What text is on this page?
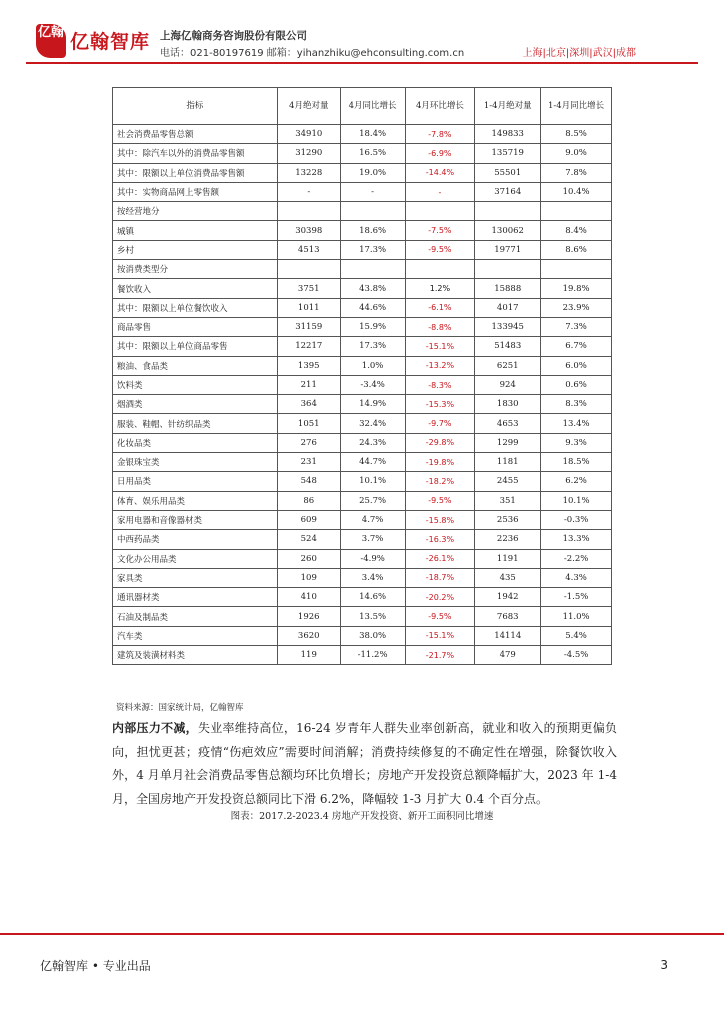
亿翰 亿翰智库 上海亿翰商务咨询股份有限公司
电话：021-80197619 邮箱：yihanzhiku@ehconsulting.com.cn	上海|北京|深圳|武汉|成都
指标	4月绝对量	4月同比增长	4月环比增长	1-4月绝对量	1-4月同比增长
社会消费品零售总额	34910	18.4%	-7.8%	149833	8.5%
其中：除汽车以外的消费品零售额	31290	16.5%	-6.9%	135719	9.0%
其中：限额以上单位消费品零售额	13228	19.0%	-14.4%	55501	7.8%
其中：实物商品网上零售额	-	-	-	37164	10.4%
按经营地分					
城镇	30398	18.6%	-7.5%	130062	8.4%
乡村	4513	17.3%	-9.5%	19771	8.6%
按消费类型分					
餐饮收入	3751	43.8%	1.2%	15888	19.8%
其中：限额以上单位餐饮收入	1011	44.6%	-6.1%	4017	23.9%
商品零售	31159	15.9%	-8.8%	133945	7.3%
其中：限额以上单位商品零售	12217	17.3%	-15.1%	51483	6.7%
粮油、食品类	1395	1.0%	-13.2%	6251	6.0%
饮料类	211	-3.4%	-8.3%	924	0.6%
烟酒类	364	14.9%	-15.3%	1830	8.3%
服装、鞋帽、针纺织品类	1051	32.4%	-9.7%	4653	13.4%
化妆品类	276	24.3%	-29.8%	1299	9.3%
金银珠宝类	231	44.7%	-19.8%	1181	18.5%
日用品类	548	10.1%	-18.2%	2455	6.2%
体育、娱乐用品类	86	25.7%	-9.5%	351	10.1%
家用电器和音像器材类	609	4.7%	-15.8%	2536	-0.3%
中西药品类	524	3.7%	-16.3%	2236	13.3%
文化办公用品类	260	-4.9%	-26.1%	1191	-2.2%
家具类	109	3.4%	-18.7%	435	4.3%
通讯器材类	410	14.6%	-20.2%	1942	-1.5%
石油及制品类	1926	13.5%	-9.5%	7683	11.0%
汽车类	3620	38.0%	-15.1%	14114	5.4%
建筑及装潢材料类	119	-11.2%	-21.7%	479	-4.5%
资料来源：国家统计局，亿翰智库
内部压力不减，失业率维持高位，16-24 岁青年人群失业率创新高，就业和收入的预期更偏负向，担忧更甚；疫情“伤疤效应”需要时间消解；消费持续修复的不确定性在增强，除餐饮收入外，4 月单月社会消费品零售总额均环比负增长；房地产开发投资总额降幅扩大，2023 年 1-4 月，全国房地产开发投资总额同比下滑 6.2%，降幅较 1-3 月扩大 0.4 个百分点。
图表：2017.2-2023.4 房地产开发投资、新开工面积同比增速
亿翰智库 • 专业出品	3
